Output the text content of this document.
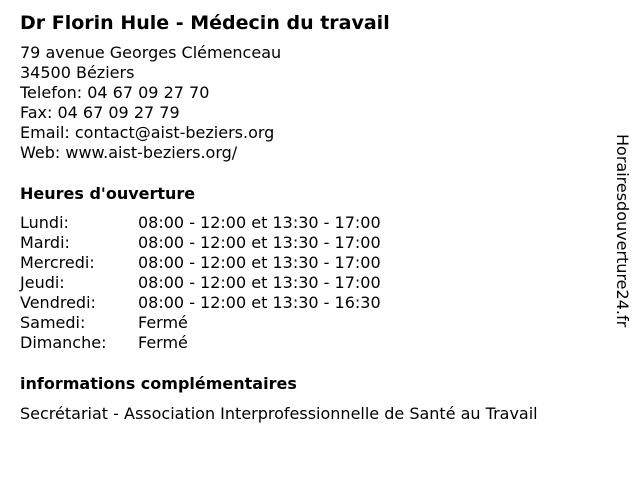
Dr Florin Hule - Médecin du travail
79 avenue Georges Clémenceau
34500 Béziers
Telefon: 04 67 09 27 70
Fax: 04 67 09 27 79
Email: contact@aist-beziers.org
Web: www.aist-beziers.org/
Heures d'ouverture
Lundi:	08:00 - 12:00 et 13:30 - 17:00
Mardi:	08:00 - 12:00 et 13:30 - 17:00
Mercredi:	08:00 - 12:00 et 13:30 - 17:00
Jeudi:	08:00 - 12:00 et 13:30 - 17:00
Vendredi:	08:00 - 12:00 et 13:30 - 16:30
Samedi:	Fermé
Dimanche: Fermé
informations complémentaires
Secrétariat - Association Interprofessionnelle de Santé au Travail
Horairesdouverture24.fr
